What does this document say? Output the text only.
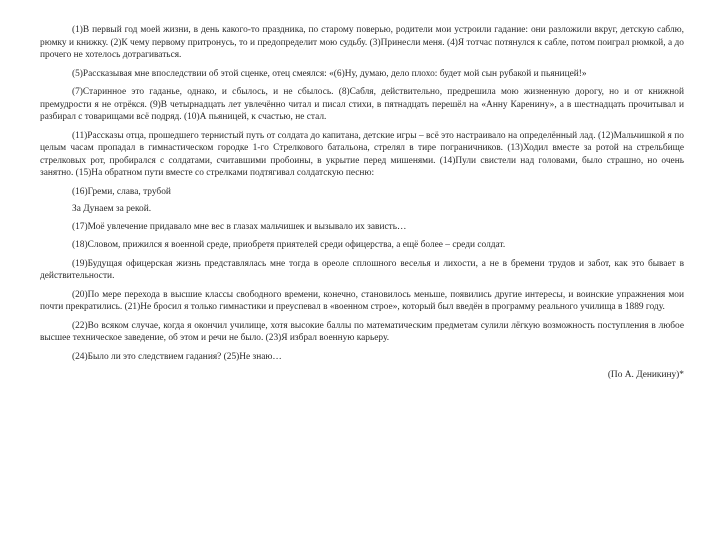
(1)В первый год моей жизни, в день какого-то праздника, по старому поверью, родители мои устроили гадание: они разложили вкруг, детскую саблю, рюмку и книжку. (2)К чему первому притронусь, то и предопределит мою судьбу. (3)Принесли меня. (4)Я тотчас потянулся к сабле, потом поиграл рюмкой, а до прочего не хотелось дотрагиваться.

(5)Рассказывая мне впоследствии об этой сценке, отец смеялся: «(6)Ну, думаю, дело плохо: будет мой сын рубакой и пьяницей!»

(7)Старинное это гаданье, однако, и сбылось, и не сбылось. (8)Сабля, действительно, предрешила мою жизненную дорогу, но и от книжной премудрости я не отрёкся. (9)В четырнадцать лет увлечённо читал и писал стихи, в пятнадцать перешёл на «Анну Каренину», а в шестнадцать прочитывал и разбирал с товарищами всё подряд. (10)А пьяницей, к счастью, не стал.

(11)Рассказы отца, прошедшего тернистый путь от солдата до капитана, детские игры – всё это настраивало на определённый лад. (12)Мальчишкой я по целым часам пропадал в гимнастическом городке 1-го Стрелкового батальона, стрелял в тире пограничников. (13)Ходил вместе за ротой на стрельбище стрелковых рот, пробирался с солдатами, считавшими пробоины, в укрытие перед мишенями. (14)Пули свистели над головами, было страшно, но очень занятно. (15)На обратном пути вместе со стрелками подтягивал солдатскую песню:

(16)Греми, слава, трубой

За Дунаем за рекой.

(17)Моё увлечение придавало мне вес в глазах мальчишек и вызывало их зависть…

(18)Словом, прижился я военной среде, приобретя приятелей среди офицерства, а ещё более – среди солдат.

(19)Будущая офицерская жизнь представлялась мне тогда в ореоле сплошного веселья и лихости, а не в бремени трудов и забот, как это бывает в действительности.

(20)По мере перехода в высшие классы свободного времени, конечно, становилось меньше, появились другие интересы, и воинские упражнения мои почти прекратились. (21)Не бросил я только гимнастики и преуспевал в «военном строе», который был введён в программу реального училища в 1889 году.

(22)Во всяком случае, когда я окончил училище, хотя высокие баллы по математическим предметам сулили лёгкую возможность поступления в любое высшее техническое заведение, об этом и речи не было. (23)Я избрал военную карьеру.

(24)Было ли это следствием гадания? (25)Не знаю…

(По А. Деникину)*
